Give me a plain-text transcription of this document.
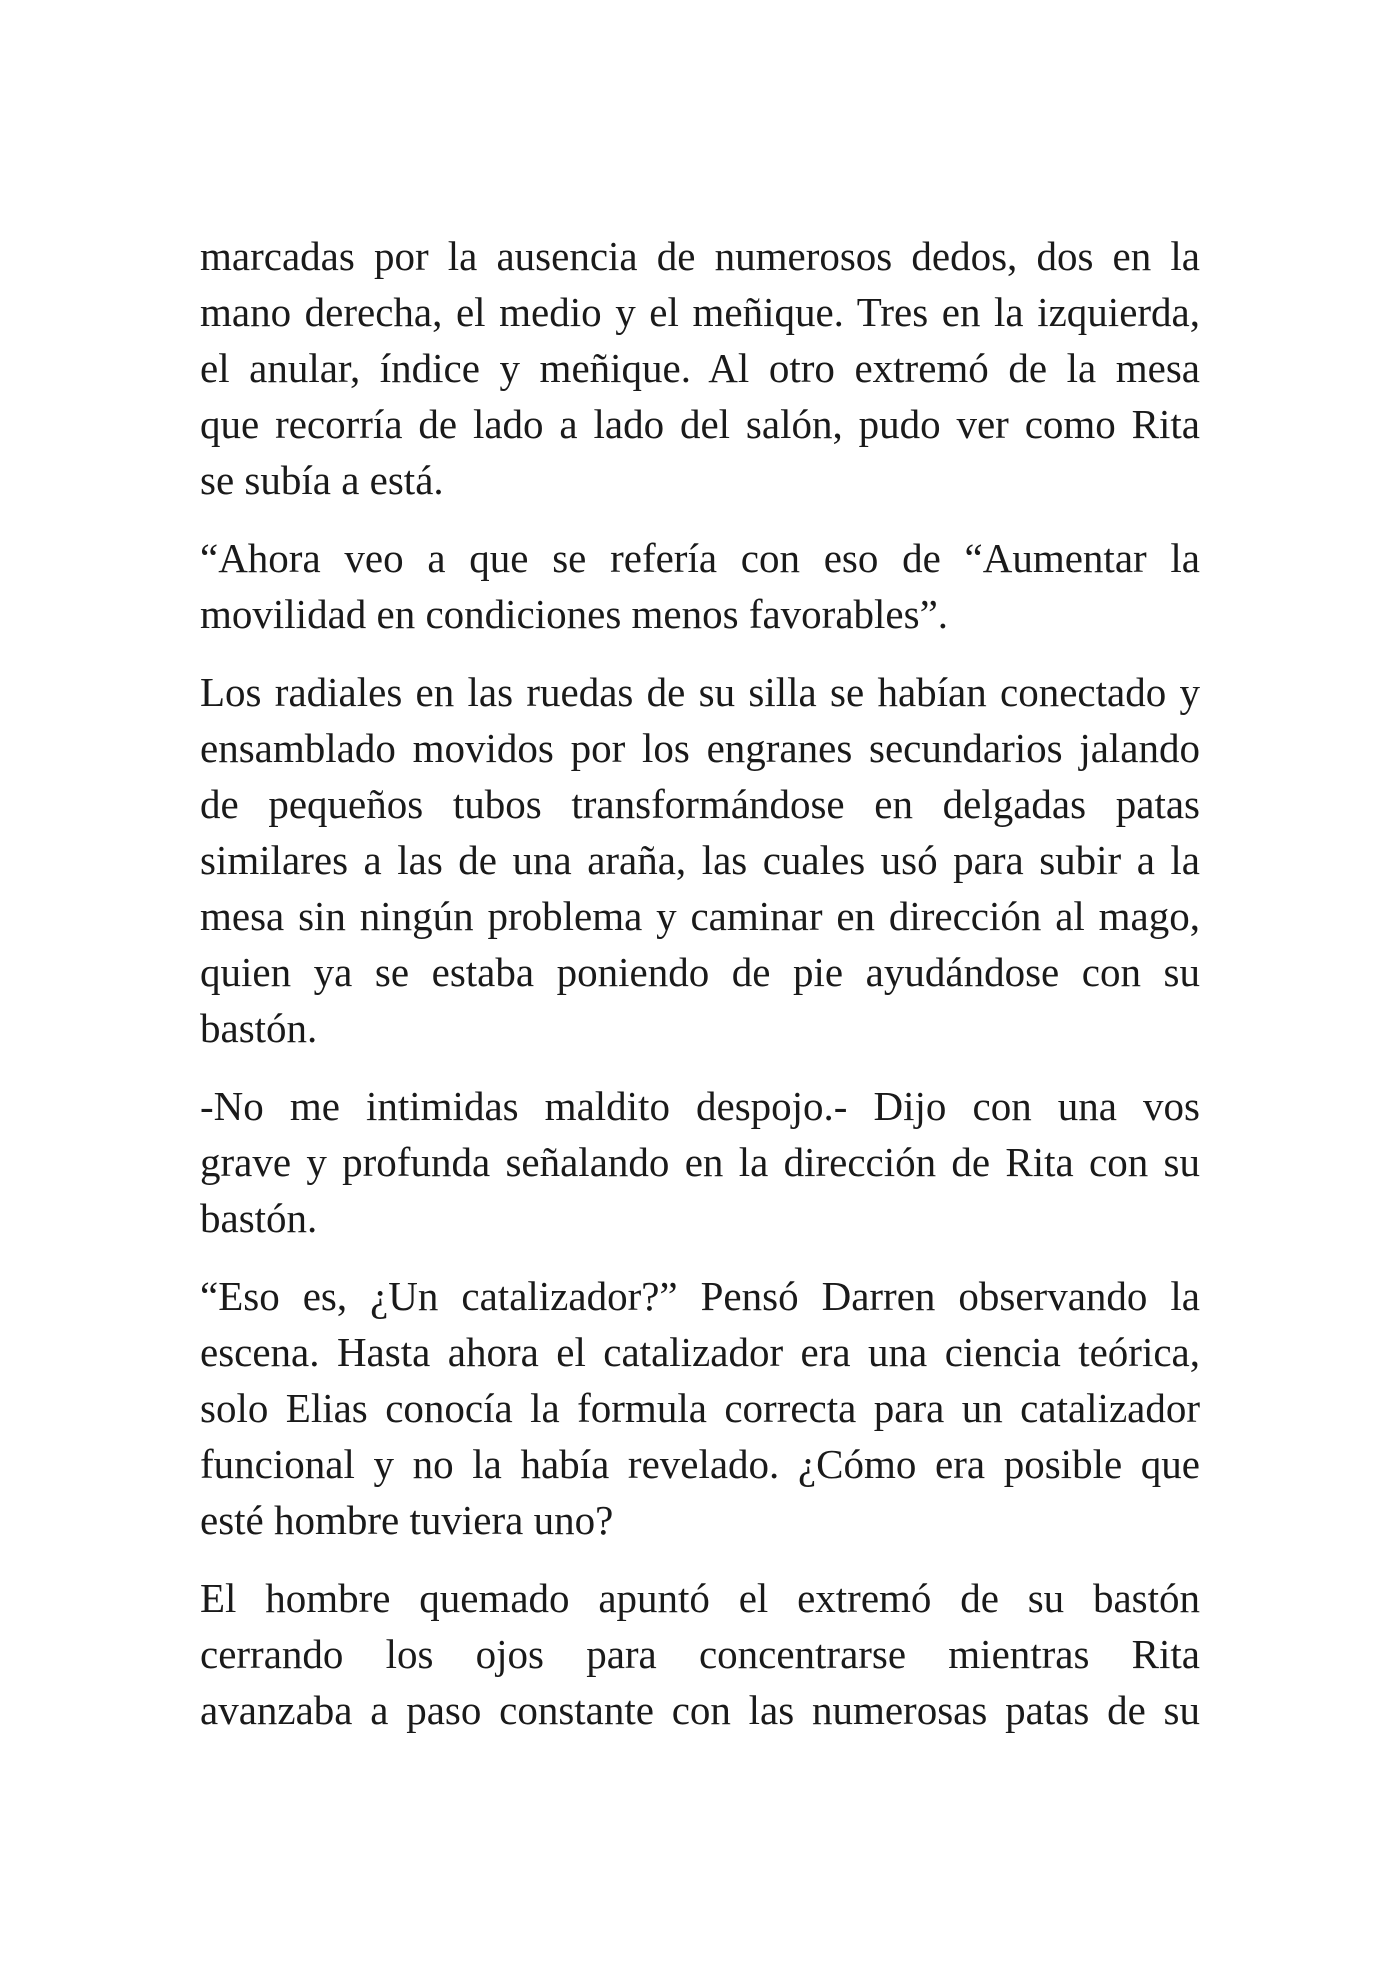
marcadas por la ausencia de numerosos dedos, dos en la
mano derecha, el medio y el meñique. Tres en la izquierda,
el anular, índice y meñique. Al otro extremó de la mesa
que recorría de lado a lado del salón, pudo ver como Rita
se subía a está.

“Ahora veo a que se refería con eso de “Aumentar la
movilidad en condiciones menos favorables”.

Los radiales en las ruedas de su silla se habían conectado y
ensamblado movidos por los engranes secundarios jalando
de pequeños tubos transformándose en delgadas patas
similares a las de una araña, las cuales usó para subir a la
mesa sin ningún problema y caminar en dirección al mago,
quien ya se estaba poniendo de pie ayudándose con su
bastón.

-No me intimidas maldito despojo.- Dijo con una vos
grave y profunda señalando en la dirección de Rita con su
bastón.

“Eso es, ¿Un catalizador?” Pensó Darren observando la
escena. Hasta ahora el catalizador era una ciencia teórica,
solo Elias conocía la formula correcta para un catalizador
funcional y no la había revelado. ¿Cómo era posible que
esté hombre tuviera uno?

El hombre quemado apuntó el extremó de su bastón
cerrando los ojos para concentrarse mientras Rita
avanzaba a paso constante con las numerosas patas de su
